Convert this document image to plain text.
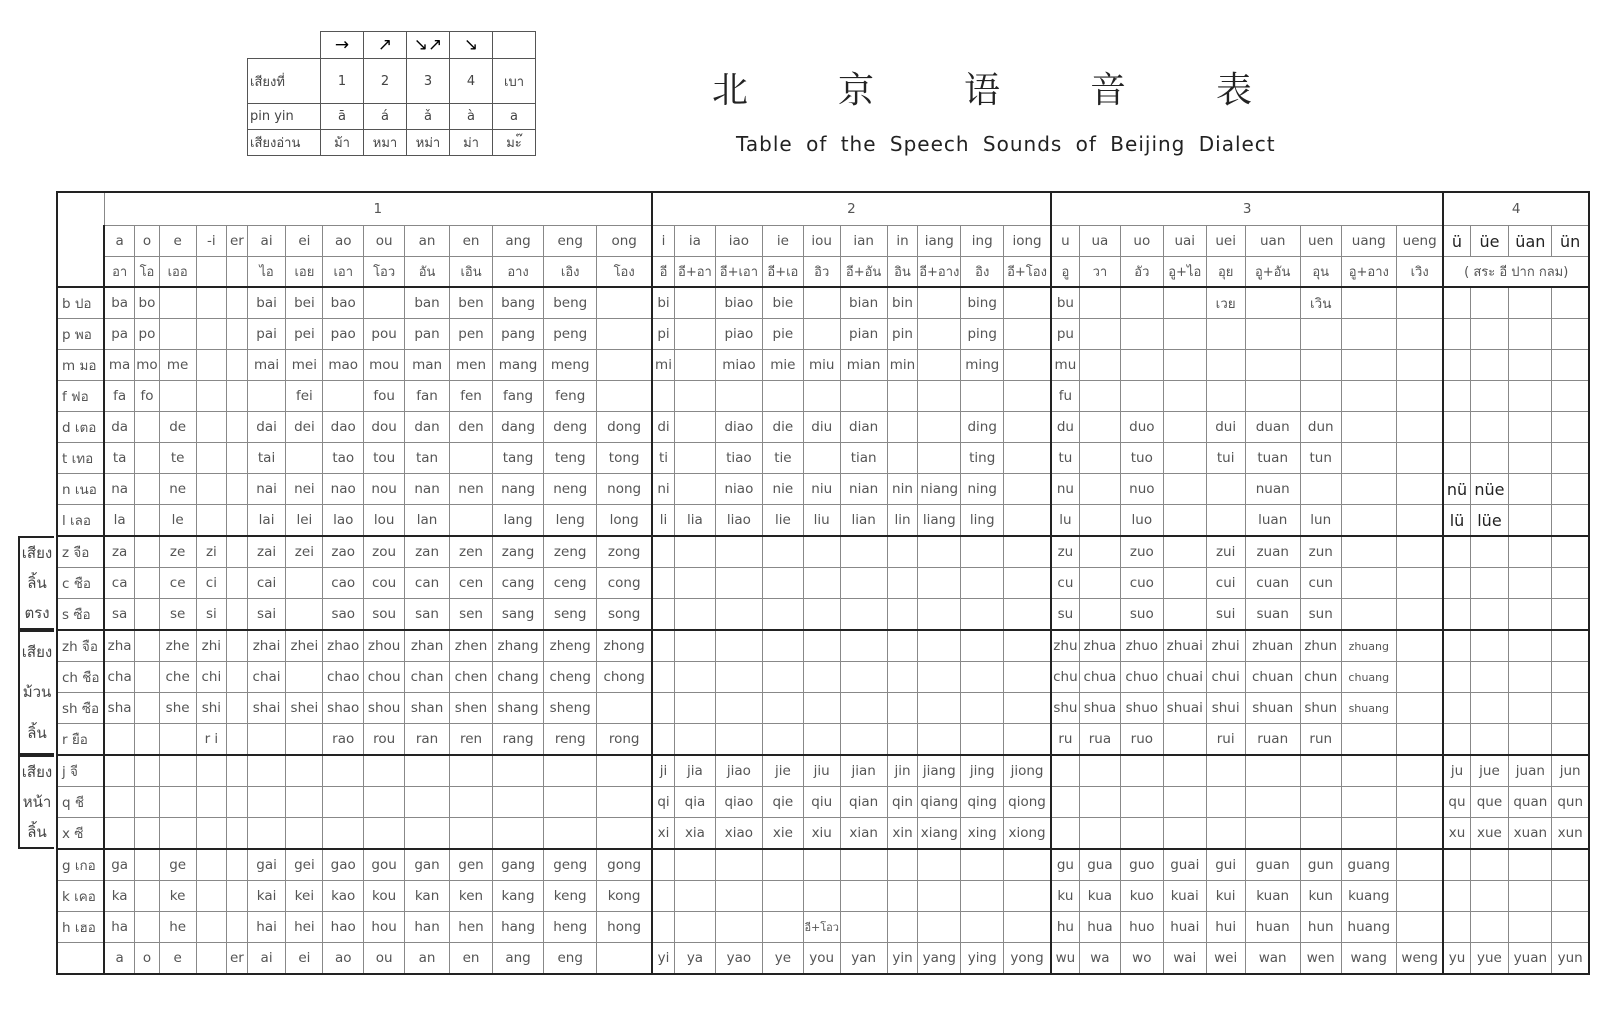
	→	↗	↘↗	↘	
เสียงที่	1	2	3	4	เบา
pin yin	ā	á	ǎ	à	a
เสียงอ่าน	ม้า	หมา	หม่า	ม่า	มะ๊
北 京 语 音 表
Table of the Speech Sounds of Beijing Dialect
	1														2										3									4			
	a	o	e	-i	er	ai	ei	ao	ou	an	en	ang	eng	ong	i	ia	iao	ie	iou	ian	in	iang	ing	iong	u	ua	uo	uai	uei	uan	uen	uang	ueng	ü	üe	üan	ün
	อา	โอ	เออ			ไอ	เอย	เอา	โอว	อัน	เอิน	อาง	เอิง	โอง	อี	อี+อา	อี+เอา	อี+เอ	อิว	อี+อัน	อิน	อี+อาง	อิง	อี+โอง	อู	วา	อัว	อู+ไอ	อุย	อู+อัน	อุน	อู+อาง	เวิง	( สระ อี ปาก กลม)			
b ปอ	ba	bo				bai	bei	bao		ban	ben	bang	beng		bi		biao	bie		bian	bin		bing		bu				เวย		เวิน						
p พอ	pa	po				pai	pei	pao	pou	pan	pen	pang	peng		pi		piao	pie		pian	pin		ping		pu												
m มอ	ma	mo	me			mai	mei	mao	mou	man	men	mang	meng		mi		miao	mie	miu	mian	min		ming		mu												
f ฟอ	fa	fo					fei		fou	fan	fen	fang	feng												fu												
d เตอ	da		de			dai	dei	dao	dou	dan	den	dang	deng	dong	di		diao	die	diu	dian			ding		du		duo		dui	duan	dun						
t เทอ	ta		te			tai		tao	tou	tan		tang	teng	tong	ti		tiao	tie		tian			ting		tu		tuo		tui	tuan	tun						
n เนอ	na		ne			nai	nei	nao	nou	nan	nen	nang	neng	nong	ni		niao	nie	niu	nian	nin	niang	ning		nu		nuo			nuan				nü	nüe		
l เลอ	la		le			lai	lei	lao	lou	lan		lang	leng	long	li	lia	liao	lie	liu	lian	lin	liang	ling		lu		luo			luan	lun			lü	lüe		
z จือ	za		ze	zi		zai	zei	zao	zou	zan	zen	zang	zeng	zong											zu		zuo		zui	zuan	zun						
c ชือ	ca		ce	ci		cai		cao	cou	can	cen	cang	ceng	cong											cu		cuo		cui	cuan	cun						
s ซือ	sa		se	si		sai		sao	sou	san	sen	sang	seng	song											su		suo		sui	suan	sun						
zh จือ	zha		zhe	zhi		zhai	zhei	zhao	zhou	zhan	zhen	zhang	zheng	zhong											zhu	zhua	zhuo	zhuai	zhui	zhuan	zhun	zhuang					
ch ชือ	cha		che	chi		chai		chao	chou	chan	chen	chang	cheng	chong											chu	chua	chuo	chuai	chui	chuan	chun	chuang					
sh ซือ	sha		she	shi		shai	shei	shao	shou	shan	shen	shang	sheng												shu	shua	shuo	shuai	shui	shuan	shun	shuang					
r ยือ				r i				rao	rou	ran	ren	rang	reng	rong											ru	rua	ruo		rui	ruan	run						
j จี															ji	jia	jiao	jie	jiu	jian	jin	jiang	jing	jiong										ju	jue	juan	jun
q ชี															qi	qia	qiao	qie	qiu	qian	qin	qiang	qing	qiong										qu	que	quan	qun
x ซี															xi	xia	xiao	xie	xiu	xian	xin	xiang	xing	xiong										xu	xue	xuan	xun
g เกอ	ga		ge			gai	gei	gao	gou	gan	gen	gang	geng	gong											gu	gua	guo	guai	gui	guan	gun	guang					
k เคอ	ka		ke			kai	kei	kao	kou	kan	ken	kang	keng	kong											ku	kua	kuo	kuai	kui	kuan	kun	kuang					
h เฮอ	ha		he			hai	hei	hao	hou	han	hen	hang	heng	hong					อี+โอว						hu	hua	huo	huai	hui	huan	hun	huang					
	a	o	e		er	ai	ei	ao	ou	an	en	ang	eng		yi	ya	yao	ye	you	yan	yin	yang	ying	yong	wu	wa	wo	wai	wei	wan	wen	wang	weng	yu	yue	yuan	yun
เสียง
ลิ้น
ตรง
เสียง
ม้วน
ลิ้น
เสียง
หน้า
ลิ้น
